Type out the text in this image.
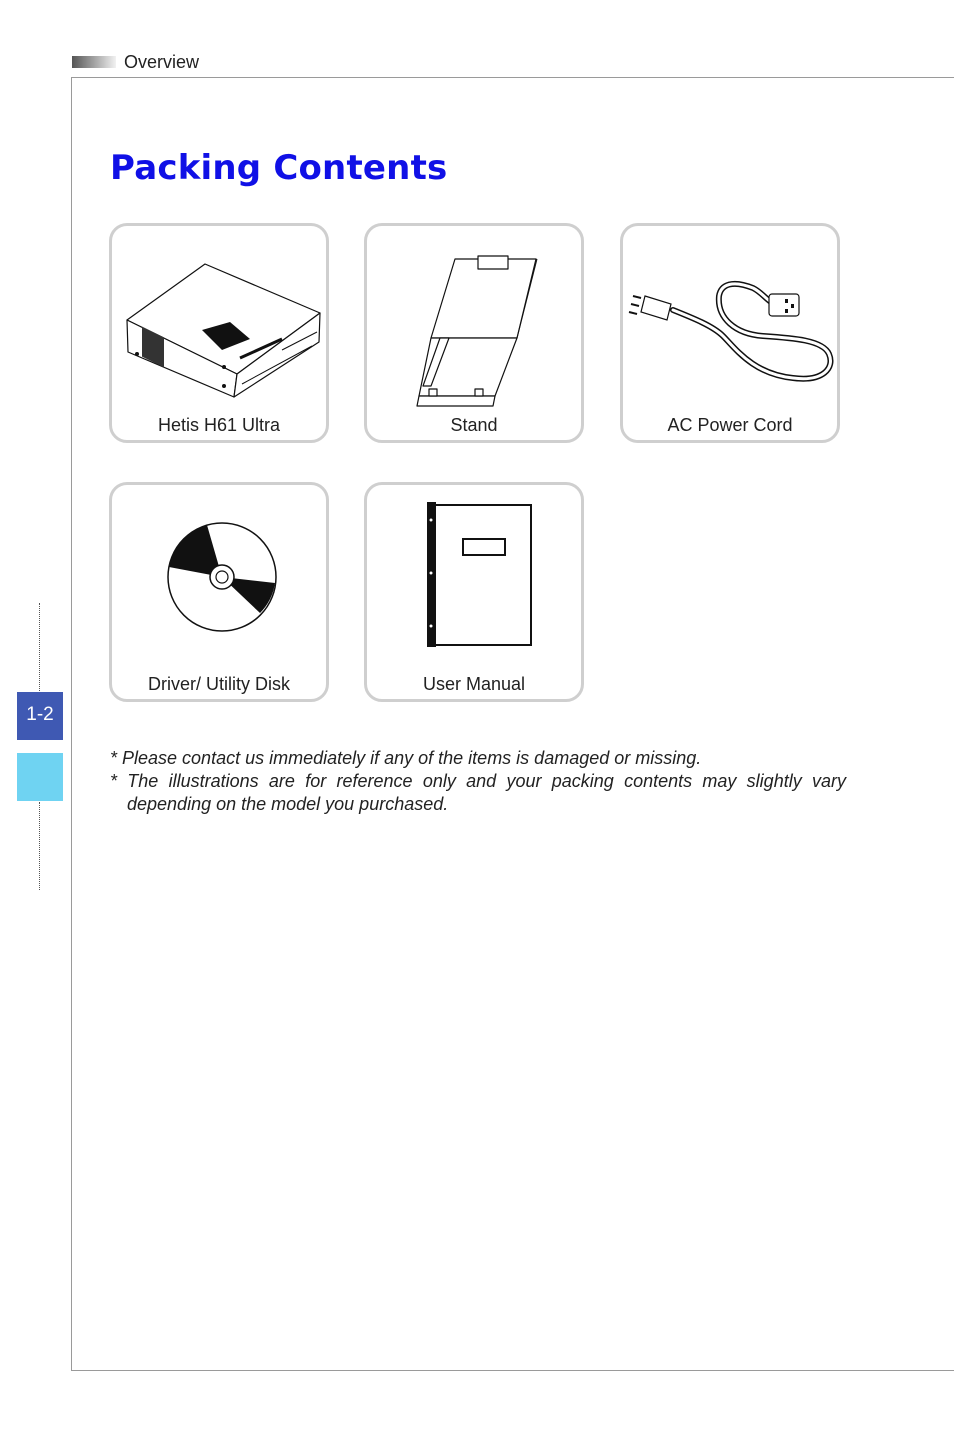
Overview
Packing Contents
Hetis H61 Ultra	Stand	AC Power Cord
Driver/ Utility Disk	User Manual
* Please contact us immediately if any of the items is damaged or missing.
* The illustrations are for reference only and your packing contents may slightly vary depending on the model you purchased.
1-2
